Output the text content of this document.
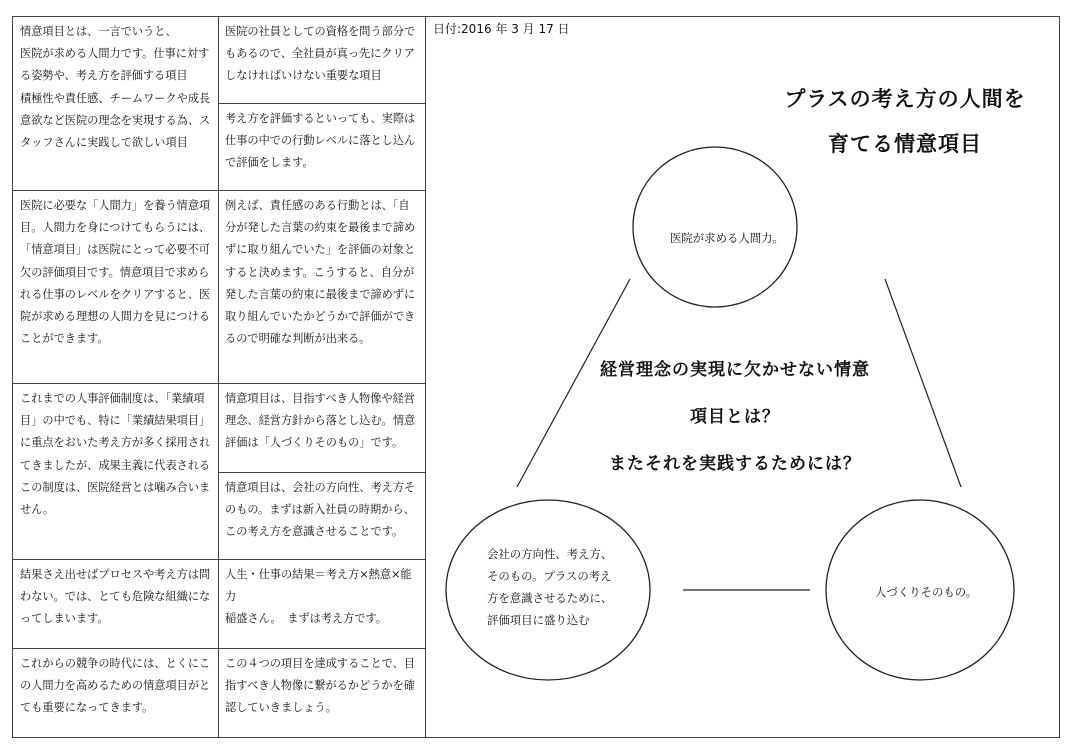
情意項目とは、一言でいうと、
医院が求める人間力です。仕事に対する姿勢や、考え方を評価する項目
積極性や責任感、チームワークや成長意欲など医院の理念を実現する為、スタッフさんに実践して欲しい項目
医院に必要な「人間力」を養う情意項目。人間力を身につけてもらうには、「情意項目」は医院にとって必要不可欠の評価項目です。情意項目で求められる仕事のレベルをクリアすると、医院が求める理想の人間力を見につけることができます。
これまでの人事評価制度は、「業績項目」の中でも、特に「業績結果項目」に重点をおいた考え方が多く採用されてきましたが、成果主義に代表されるこの制度は、医院経営とは噛み合いません。
結果さえ出せばプロセスや考え方は問わない。では、とても危険な組織になってしまいます。
これからの競争の時代には、とくにこの人間力を高めるための情意項目がとても重要になってきます。
医院の社員としての資格を問う部分でもあるので、全社員が真っ先にクリアしなければいけない重要な項目
考え方を評価するといっても、実際は仕事の中での行動レベルに落とし込んで評価をします。
例えば、責任感のある行動とは、「自分が発した言葉の約束を最後まで諦めずに取り組んでいた」を評価の対象とすると決めます。こうすると、自分が発した言葉の約束に最後まで諦めずに取り組んでいたかどうかで評価ができるので明確な判断が出来る。
情意項目は、目指すべき人物像や経営理念、経営方針から落とし込む。情意評価は「人づくりそのもの」です。
情意項目は、会社の方向性、考え方そのもの。まずは新入社員の時期から、この考え方を意識させることです。
人生・仕事の結果＝考え方×熱意×能力
稲盛さん。　まずは考え方です。
この４つの項目を達成することで、目指すべき人物像に繋がるかどうかを確認していきましょう。
日付:2016 年 3 月 17 日
プラスの考え方の人間を
育てる情意項目
医院が求める人間力。
会社の方向性、考え方、
そのもの。プラスの考え
方を意識させるために、
評価項目に盛り込む
人づくりそのもの。
経営理念の実現に欠かせない情意
項目とは？
またそれを実践するためには？
